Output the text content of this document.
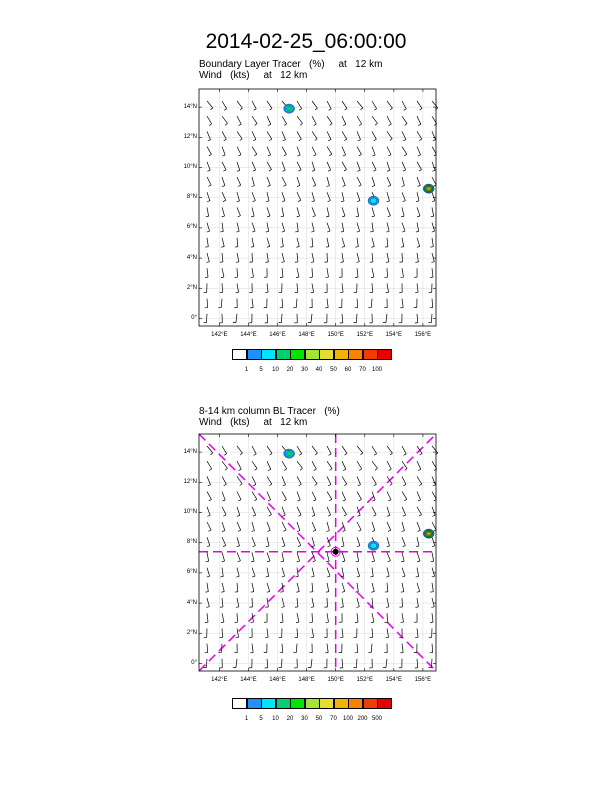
2014-02-25_06:00:00
Boundary Layer Tracer   (%)     at   12 km
Wind   (kts)     at   12 km
14°N
12°N
10°N
8°N
6°N
4°N
2°N
0°
142°E	144°E	146°E	148°E	150°E	152°E	154°E	156°E
1 5 10 20 30 40 50 60 70 100
8-14 km column BL Tracer   (%)
Wind   (kts)     at   12 km
14°N
12°N
10°N
8°N
6°N
4°N
2°N
0°
142°E	144°E	146°E	148°E	150°E	152°E	154°E	156°E
1 5 10 20 30 50 70 100 200 500
